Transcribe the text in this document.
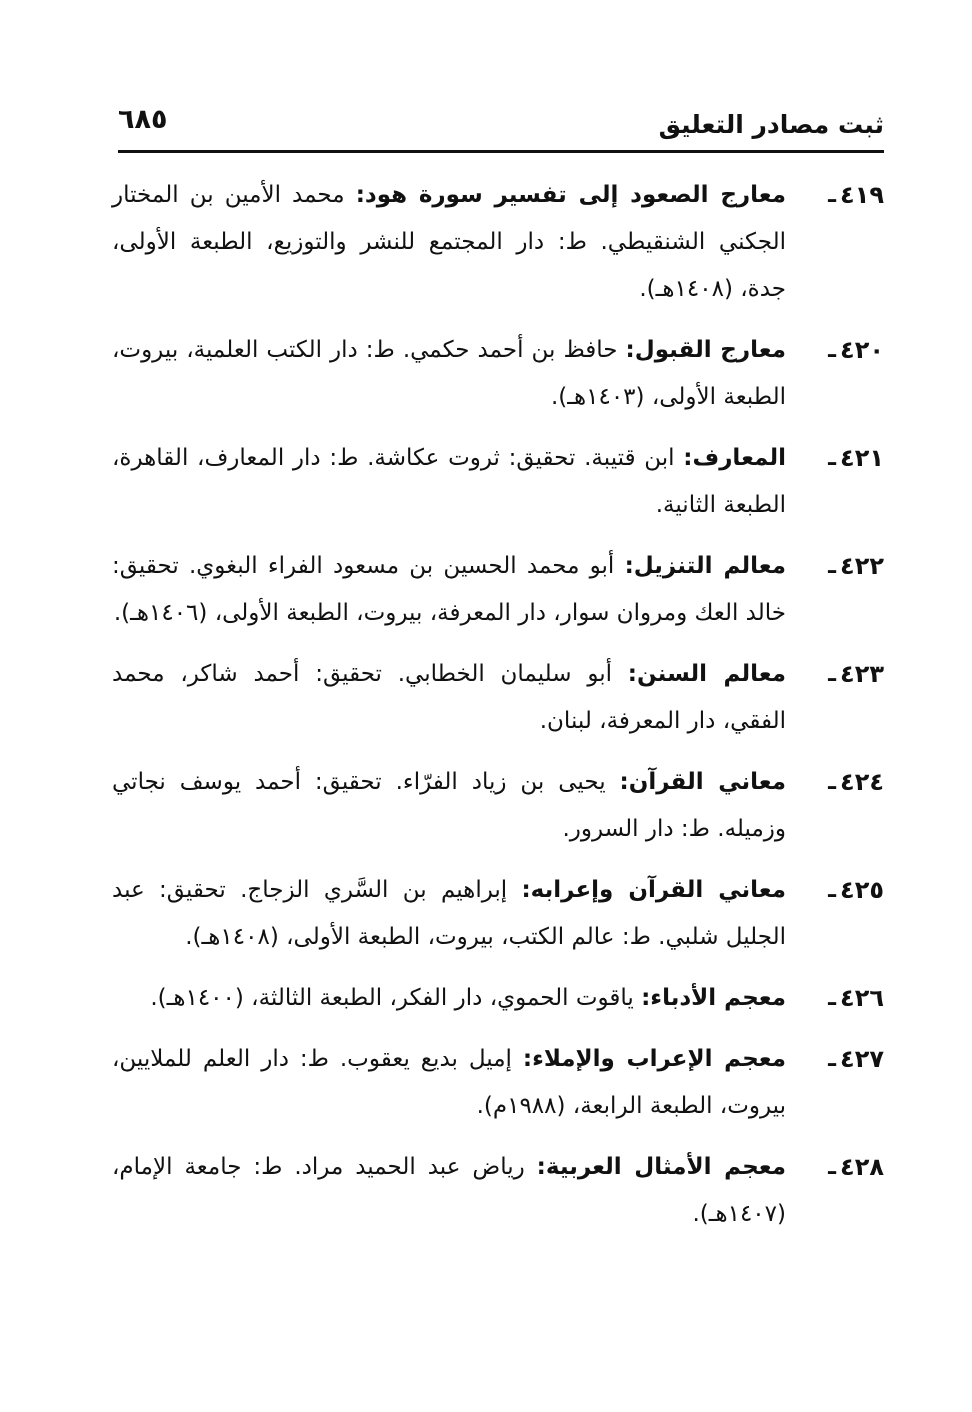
ثبت مصادر التعليق
٦٨٥
٤١٩
ـ
معارج الصعود إلى تفسير سورة هود: محمد الأمين بن المختار الجكني الشنقيطي. ط: دار المجتمع للنشر والتوزيع، الطبعة الأولى، جدة، (١٤٠٨هـ).
٤٢٠
ـ
معارج القبول: حافظ بن أحمد حكمي. ط: دار الكتب العلمية، بيروت، الطبعة الأولى، (١٤٠٣هـ).
٤٢١
ـ
المعارف: ابن قتيبة. تحقيق: ثروت عكاشة. ط: دار المعارف، القاهرة، الطبعة الثانية.
٤٢٢
ـ
معالم التنزيل: أبو محمد الحسين بن مسعود الفراء البغوي. تحقيق: خالد العك ومروان سوار، دار المعرفة، بيروت، الطبعة الأولى، (١٤٠٦هـ).
٤٢٣
ـ
معالم السنن: أبو سليمان الخطابي. تحقيق: أحمد شاكر، محمد الفقي، دار المعرفة، لبنان.
٤٢٤
ـ
معاني القرآن: يحيى بن زياد الفرّاء. تحقيق: أحمد يوسف نجاتي وزميله. ط: دار السرور.
٤٢٥
ـ
معاني القرآن وإعرابه: إبراهيم بن السَّري الزجاج. تحقيق: عبد الجليل شلبي. ط: عالم الكتب، بيروت، الطبعة الأولى، (١٤٠٨هـ).
٤٢٦
ـ
معجم الأدباء: ياقوت الحموي، دار الفكر، الطبعة الثالثة، (١٤٠٠هـ).
٤٢٧
ـ
معجم الإعراب والإملاء: إميل بديع يعقوب. ط: دار العلم للملايين، بيروت، الطبعة الرابعة، (١٩٨٨م).
٤٢٨
ـ
معجم الأمثال العربية: رياض عبد الحميد مراد. ط: جامعة الإمام، (١٤٠٧هـ).
